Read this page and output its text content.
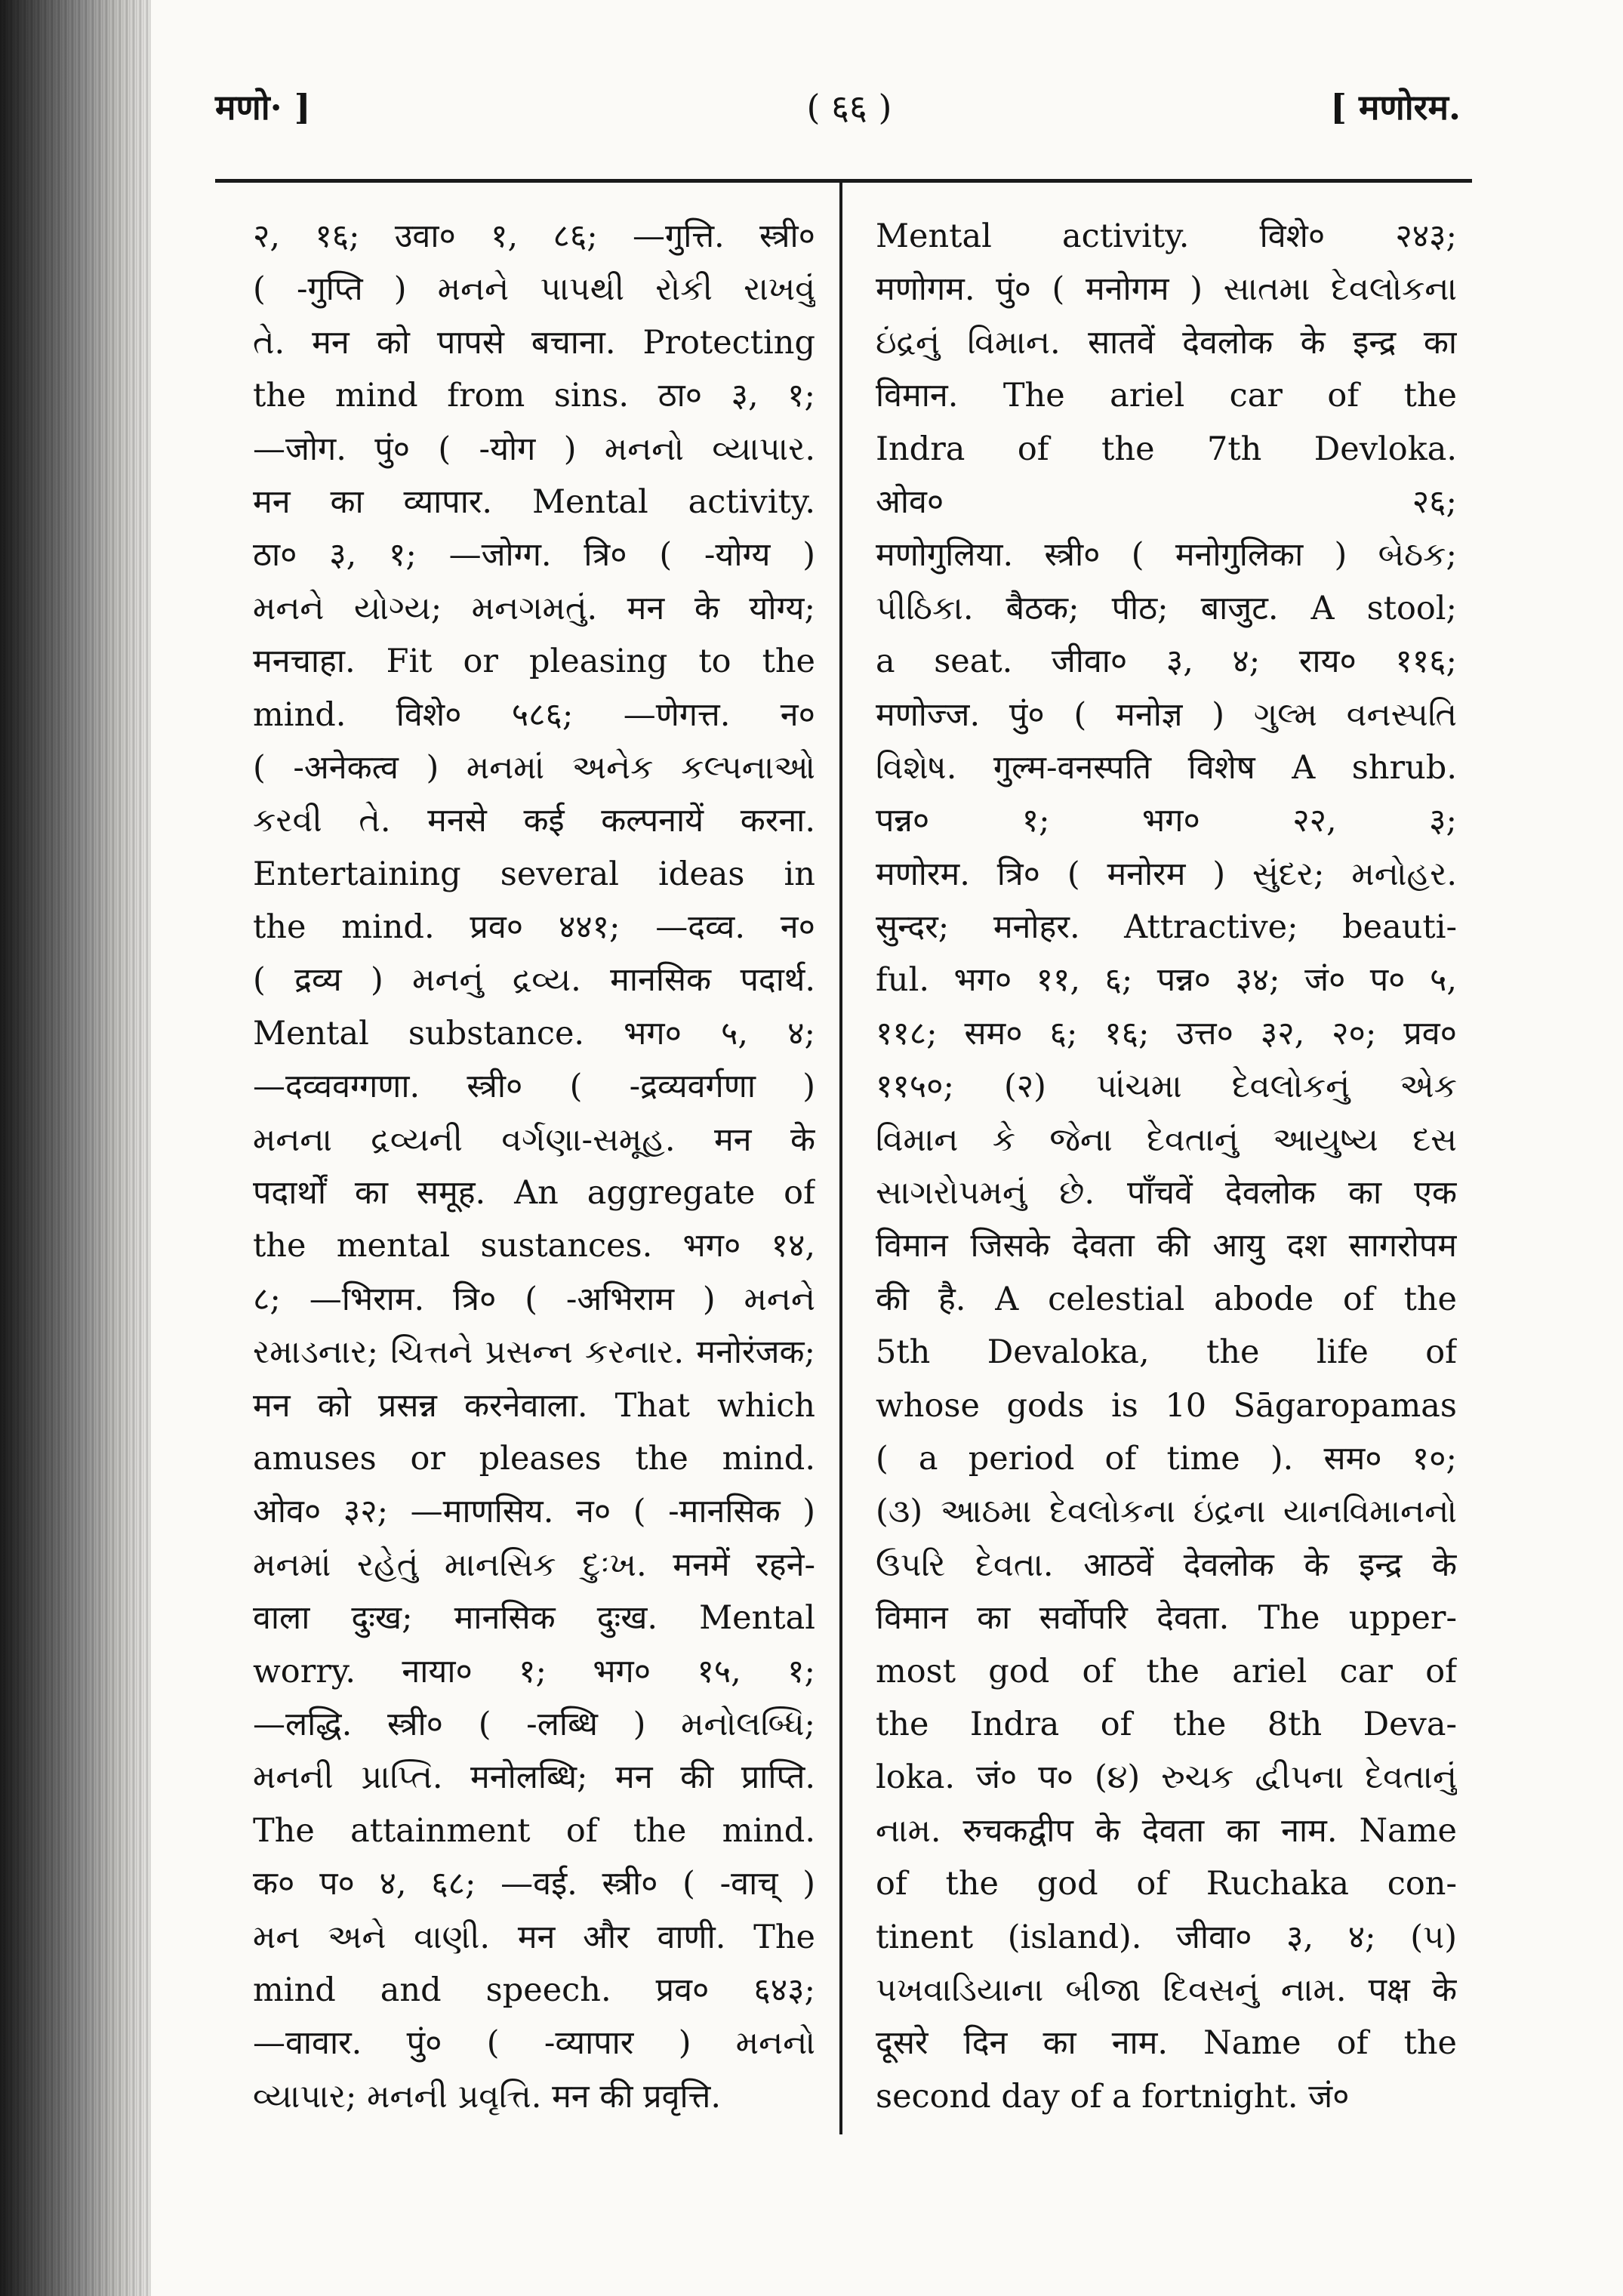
मणो· ]	( ६६ )	[ मणोरम.
२, १६; उवा० १, ८६; —गुत्ति. स्त्री०
( -गुप्ति ) મનને પાપથી રોકી રાખવું
તે. मन को पापसे बचाना. Protecting
the mind from sins. ठा० ३, १;
—जोग. पुं० ( -योग ) મનનો વ્યાપાર.
मन का व्यापार. Mental activity.
ठा० ३, १; —जोग्ग. त्रि० ( -योग्य )
મનને યોગ્ય; મનગમતું. मन के योग्य;
मनचाहा. Fit or pleasing to the
mind. विशे० ५८६; —णेगत्त. न०
( -अनेकत्व ) મનમાં અનેક કલ્પનાઓ
કરવી તે. मनसे कई कल्पनायें करना.
Entertaining several ideas in
the mind. प्रव० ४४१; —दव्व. न०
( द्रव्य ) મનનું દ્રવ્ય. मानसिक पदार्थ.
Mental substance. भग० ५, ४;
—दव्ववग्गणा. स्त्री० ( -द्रव्यवर्गणा )
મનના દ્રવ્યની વર્ગણા-સમૂહ. मन के
पदार्थों का समूह. An aggregate of
the mental sustances. भग० १४,
८; —भिराम. त्रि० ( -अभिराम ) મનને
રમાડનાર; ચિત્તને પ્રસન્ન કરનાર. मनोरंजक;
मन को प्रसन्न करनेवाला. That which
amuses or pleases the mind.
ओव० ३२; —माणसिय. न० ( -मानसिक )
મનમાં રહેતું માનસિક દુઃખ. मनमें रहने-
वाला दुःख; मानसिक दुःख. Mental
worry. नाया० १; भग० १५, १;
—लद्धि. स्त्री० ( -लब्धि ) મનોલબ્ધિ;
મનની પ્રાપ્તિ. मनोलब्धि; मन की प्राप्ति.
The attainment of the mind.
क० प० ४, ६८; —वई. स्त्री० ( -वाच् )
મન અને વાણી. मन और वाणी. The
mind and speech. प्रव० ६४३;
—वावार. पुं० ( -व्यापार ) મનનો
વ્યાપાર; મનની પ્રવૃત્તિ. मन की प्रवृत्ति.
Mental activity. विशे० २४३;
मणोगम. पुं० ( मनोगम ) સાતમા દેવલોકના
ઇંદ્રનું વિમાન. सातवें देवलोक के इन्द्र का
विमान. The ariel car of the
Indra of the 7th Devloka.
ओव० २६;
मणोगुलिया. स्त्री० ( मनोगुलिका ) બેઠક;
પીઠિકા. बैठक; पीठ; बाजुट. A stool;
a seat. जीवा० ३, ४; राय० ११६;
मणोज्ज. पुं० ( मनोज्ञ ) ગુલ્મ વનસ્પતિ
વિશેષ. गुल्म-वनस्पति विशेष A shrub.
पन्न० १; भग० २२, ३;
मणोरम. त्रि० ( मनोरम ) સુંદર; મનોહર.
सुन्दर; मनोहर. Attractive; beauti-
ful. भग० ११, ६; पन्न० ३४; जं० प० ५,
११८; सम० ६; १६; उत्त० ३२, २०; प्रव०
११५०; (२) પાંચમા દેવલોકનું એક
વિમાન કે જેના દેવતાનું આયુષ્ય દસ
સાગરોપમનું છે. पाँचवें देवलोक का एक
विमान जिसके देवता की आयु दश सागरोपम
की है. A celestial abode of the
5th Devaloka, the life of
whose gods is 10 Sāgaropamas
( a period of time ). सम० १०;
(૩) આઠમા દેવલોકના ઇંદ્રના યાનવિમાનનો
ઉપરિ દેવતા. आठवें देवलोक के इन्द्र के
विमान का सर्वोपरि देवता. The upper-
most god of the ariel car of
the Indra of the 8th Deva-
loka. जं० प० (૪) રુચક દ્વીપના દેવતાનું
નામ. रुचकद्वीप के देवता का नाम. Name
of the god of Ruchaka con-
tinent (island). जीवा० ३, ४; (૫)
પખવાડિયાના બીજા દિવસનું નામ. पक्ष के
दूसरे दिन का नाम. Name of the
second day of a fortnight. जं०
